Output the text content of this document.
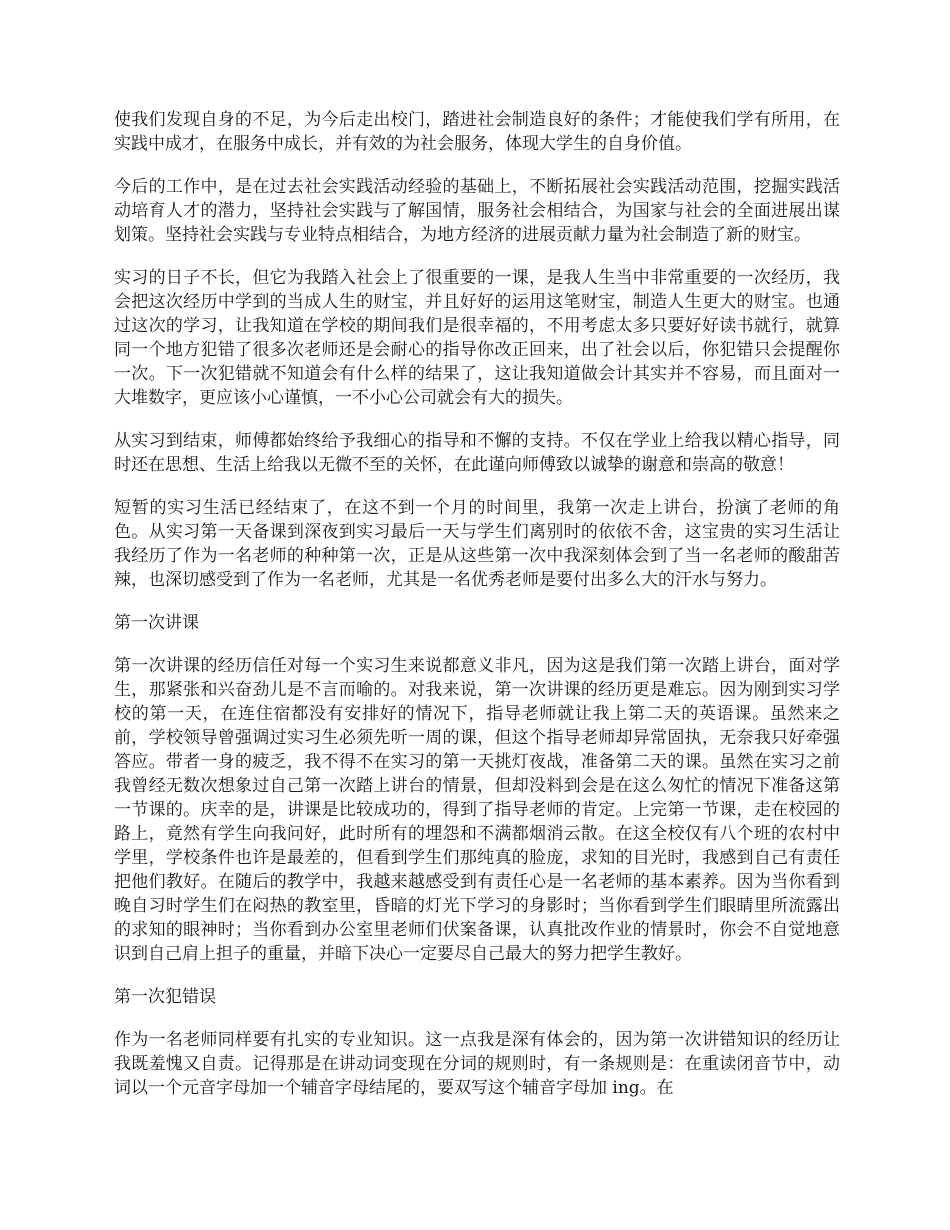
使我们发现自身的不足，为今后走出校门，踏进社会制造良好的条件；才能使我们学有所用，在实践中成才，在服务中成长，并有效的为社会服务，体现大学生的自身价值。

今后的工作中，是在过去社会实践活动经验的基础上，不断拓展社会实践活动范围，挖掘实践活动培育人才的潜力，坚持社会实践与了解国情，服务社会相结合，为国家与社会的全面进展出谋划策。坚持社会实践与专业特点相结合，为地方经济的进展贡献力量为社会制造了新的财宝。

实习的日子不长，但它为我踏入社会上了很重要的一课，是我人生当中非常重要的一次经历，我会把这次经历中学到的当成人生的财宝，并且好好的运用这笔财宝，制造人生更大的财宝。也通过这次的学习，让我知道在学校的期间我们是很幸福的，不用考虑太多只要好好读书就行，就算同一个地方犯错了很多次老师还是会耐心的指导你改正回来，出了社会以后，你犯错只会提醒你一次。下一次犯错就不知道会有什么样的结果了，这让我知道做会计其实并不容易，而且面对一大堆数字，更应该小心谨慎，一不小心公司就会有大的损失。

从实习到结束，师傅都始终给予我细心的指导和不懈的支持。不仅在学业上给我以精心指导，同时还在思想、生活上给我以无微不至的关怀，在此谨向师傅致以诚挚的谢意和崇高的敬意！

短暂的实习生活已经结束了，在这不到一个月的时间里，我第一次走上讲台，扮演了老师的角色。从实习第一天备课到深夜到实习最后一天与学生们离别时的依依不舍，这宝贵的实习生活让我经历了作为一名老师的种种第一次，正是从这些第一次中我深刻体会到了当一名老师的酸甜苦辣，也深切感受到了作为一名老师，尤其是一名优秀老师是要付出多么大的汗水与努力。

第一次讲课

第一次讲课的经历信任对每一个实习生来说都意义非凡，因为这是我们第一次踏上讲台，面对学生，那紧张和兴奋劲儿是不言而喻的。对我来说，第一次讲课的经历更是难忘。因为刚到实习学校的第一天，在连住宿都没有安排好的情况下，指导老师就让我上第二天的英语课。虽然来之前，学校领导曾强调过实习生必须先听一周的课，但这个指导老师却异常固执，无奈我只好牵强答应。带者一身的疲乏，我不得不在实习的第一天挑灯夜战，准备第二天的课。虽然在实习之前我曾经无数次想象过自己第一次踏上讲台的情景，但却没料到会是在这么匆忙的情况下准备这第一节课的。庆幸的是，讲课是比较成功的，得到了指导老师的肯定。上完第一节课，走在校园的路上，竟然有学生向我问好，此时所有的埋怨和不满都烟消云散。在这全校仅有八个班的农村中学里，学校条件也许是最差的，但看到学生们那纯真的脸庞，求知的目光时，我感到自己有责任把他们教好。在随后的教学中，我越来越感受到有责任心是一名老师的基本素养。因为当你看到晚自习时学生们在闷热的教室里，昏暗的灯光下学习的身影时；当你看到学生们眼睛里所流露出的求知的眼神时；当你看到办公室里老师们伏案备课，认真批改作业的情景时，你会不自觉地意识到自己肩上担子的重量，并暗下决心一定要尽自己最大的努力把学生教好。

第一次犯错误

作为一名老师同样要有扎实的专业知识。这一点我是深有体会的，因为第一次讲错知识的经历让我既羞愧又自责。记得那是在讲动词变现在分词的规则时，有一条规则是：在重读闭音节中，动词以一个元音字母加一个辅音字母结尾的，要双写这个辅音字母加 ing。在
